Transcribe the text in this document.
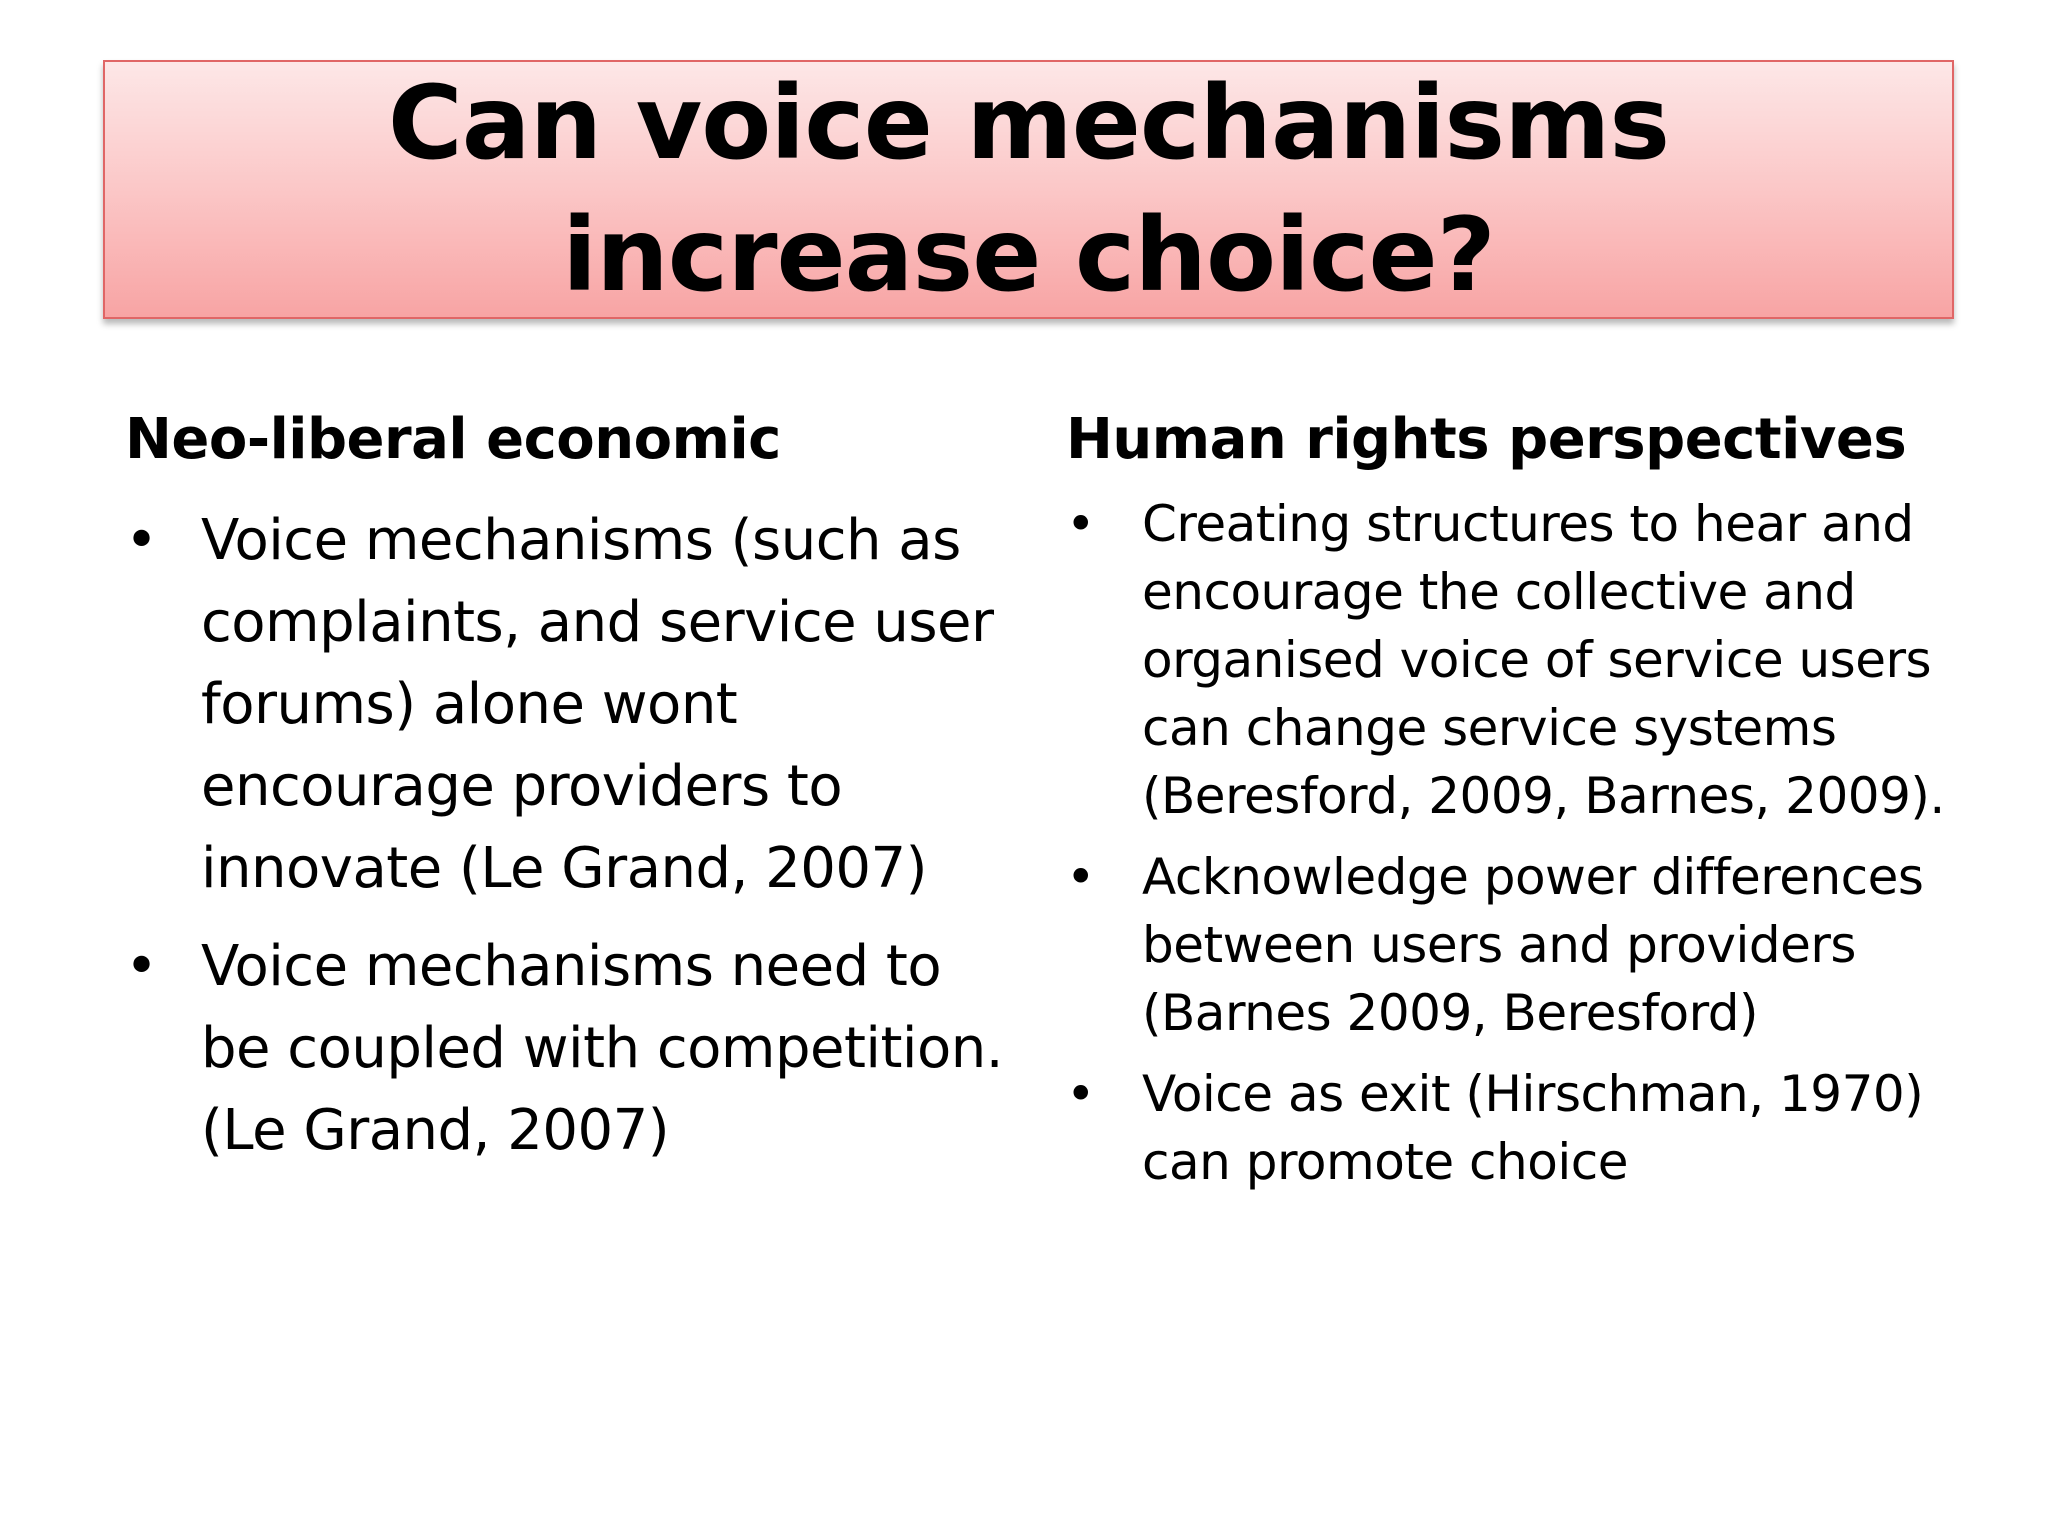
Can voice mechanisms increase choice?
Neo-liberal economic
• Voice mechanisms (such as complaints, and service user forums) alone wont encourage providers to innovate (Le Grand, 2007)
• Voice mechanisms need to be coupled with competition. (Le Grand, 2007)
Human rights perspectives
• Creating structures to hear and encourage the collective and organised voice of service users can change service systems (Beresford, 2009, Barnes, 2009).
• Acknowledge power differences between users and providers (Barnes 2009, Beresford)
• Voice as exit (Hirschman, 1970) can promote choice
